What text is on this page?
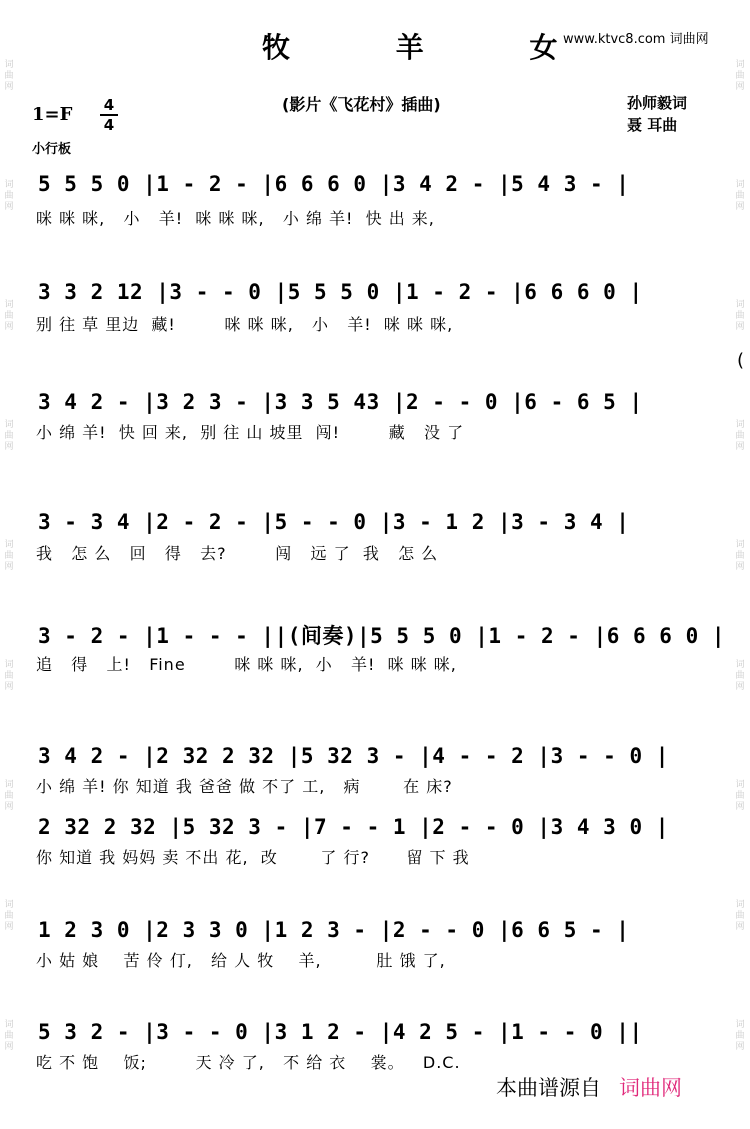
词
曲
网
词
曲
网
词
曲
网
词
曲
网
词
曲
网
词
曲
网
词
曲
网
词
曲
网
词
曲
网
词
曲
网
词
曲
网
词
曲
网
词
曲
网
词
曲
网
词
曲
网
词
曲
网
词
曲
网
词
曲
网
牧 羊 女
www.ktvc8.com 词曲网
(影片《飞花村》插曲)	孙师毅词
聂 耳曲
1=F 4
4
小行板
(
5 5 5 0 |1 - 2 - |6 6 6 0 |3 4 2 - |5 4 3 - |
咪 咪 咪,   小   羊!  咪 咪 咪,   小 绵 羊!  快 出 来,
3 3 2 12 |3 - - 0 |5 5 5 0 |1 - 2 - |6 6 6 0 |
别 往 草 里边  藏!        咪 咪 咪,   小   羊!  咪 咪 咪,
3 4 2 - |3 2 3 - |3 3 5 43 |2 - - 0 |6 - 6 5 |
小 绵 羊!  快 回 来,  别 往 山 坡里  闯!        藏   没 了
3 - 3 4 |2 - 2 - |5 - - 0 |3 - 1 2 |3 - 3 4 |
我   怎 么   回   得   去?        闯   远 了  我   怎 么
3 - 2 - |1 - - - ||(间奏)|5 5 5 0 |1 - 2 - |6 6 6 0 |
追   得   上!   Fine        咪 咪 咪,  小   羊!  咪 咪 咪,
3 4 2 - |2 32 2 32 |5 32 3 - |4 - - 2 |3 - - 0 |
小 绵 羊! 你 知道 我 爸爸 做 不了 工,   病       在 床?
2 32 2 32 |5 32 3 - |7 - - 1 |2 - - 0 |3 4 3 0 |
你 知道 我 妈妈 卖 不出 花,  改       了 行?      留 下 我
1 2 3 0 |2 3 3 0 |1 2 3 - |2 - - 0 |6 6 5 - |
小 姑 娘    苦 伶 仃,   给 人 牧    羊,         肚 饿 了,
5 3 2 - |3 - - 0 |3 1 2 - |4 2 5 - |1 - - 0 ||
吃 不 饱    饭;        天 冷 了,   不 给 衣    裳。   D.C.
本曲谱源自 词曲网
